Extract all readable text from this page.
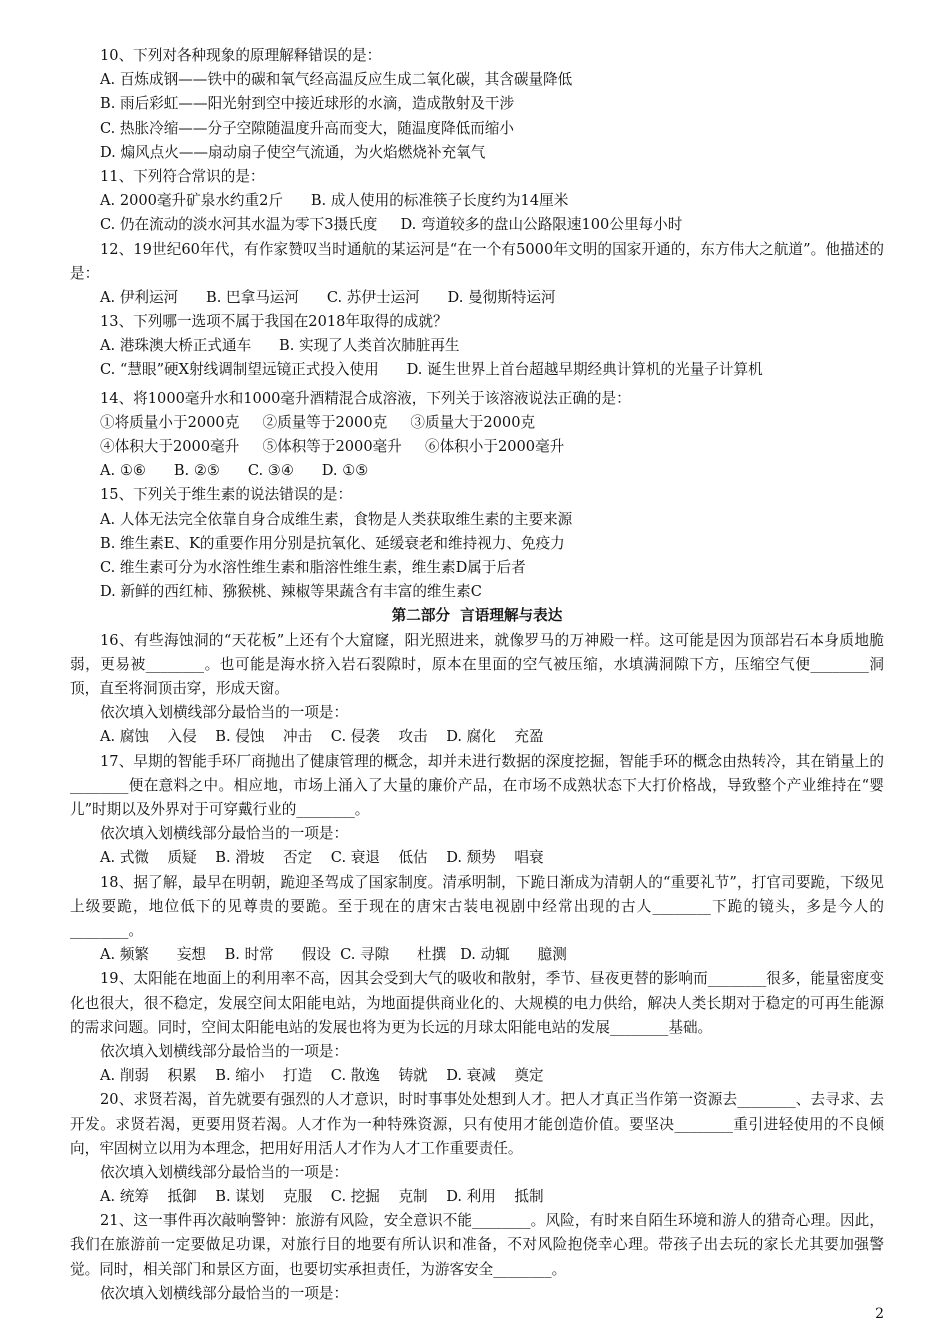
10、下列对各种现象的原理解释错误的是：
A. 百炼成钢——铁中的碳和氧气经高温反应生成二氧化碳，其含碳量降低
B. 雨后彩虹——阳光射到空中接近球形的水滴，造成散射及干涉
C. 热胀冷缩——分子空隙随温度升高而变大，随温度降低而缩小
D. 煽风点火——扇动扇子使空气流通，为火焰燃烧补充氧气
11、下列符合常识的是：
A. 2000毫升矿泉水约重2斤      B. 成人使用的标准筷子长度约为14厘米
C. 仍在流动的淡水河其水温为零下3摄氏度     D. 弯道较多的盘山公路限速100公里每小时
12、19世纪60年代，有作家赞叹当时通航的某运河是“在一个有5000年文明的国家开通的，东方伟大之航道”。他描述的是：
A. 伊利运河      B. 巴拿马运河      C. 苏伊士运河      D. 曼彻斯特运河
13、下列哪一选项不属于我国在2018年取得的成就？
A. 港珠澳大桥正式通车      B. 实现了人类首次肺脏再生
C. “慧眼”硬X射线调制望远镜正式投入使用      D. 诞生世界上首台超越早期经典计算机的光量子计算机
14、将1000毫升水和1000毫升酒精混合成溶液，下列关于该溶液说法正确的是：
①将质量小于2000克     ②质量等于2000克     ③质量大于2000克
④体积大于2000毫升     ⑤体积等于2000毫升     ⑥体积小于2000毫升
A. ①⑥      B. ②⑤      C. ③④      D. ①⑤
15、下列关于维生素的说法错误的是：
A. 人体无法完全依靠自身合成维生素，食物是人类获取维生素的主要来源
B. 维生素E、K的重要作用分别是抗氧化、延缓衰老和维持视力、免疫力
C. 维生素可分为水溶性维生素和脂溶性维生素，维生素D属于后者
D. 新鲜的西红柿、猕猴桃、辣椒等果蔬含有丰富的维生素C
第二部分  言语理解与表达
16、有些海蚀洞的“天花板”上还有个大窟窿，阳光照进来，就像罗马的万神殿一样。这可能是因为顶部岩石本身质地脆弱，更易被________。也可能是海水挤入岩石裂隙时，原本在里面的空气被压缩，水填满洞隙下方，压缩空气便________洞顶，直至将洞顶击穿，形成天窗。
依次填入划横线部分最恰当的一项是：
A. 腐蚀    入侵    B. 侵蚀    冲击    C. 侵袭    攻击    D. 腐化    充盈
17、早期的智能手环厂商抛出了健康管理的概念，却并未进行数据的深度挖掘，智能手环的概念由热转冷，其在销量上的________便在意料之中。相应地，市场上涌入了大量的廉价产品，在市场不成熟状态下大打价格战，导致整个产业维持在“婴儿”时期以及外界对于可穿戴行业的________。
依次填入划横线部分最恰当的一项是：
A. 式微    质疑    B. 滑坡    否定    C. 衰退    低估    D. 颓势    唱衰
18、据了解，最早在明朝，跪迎圣驾成了国家制度。清承明制，下跪日渐成为清朝人的“重要礼节”，打官司要跪，下级见上级要跪，地位低下的见尊贵的要跪。至于现在的唐宋古装电视剧中经常出现的古人________下跪的镜头，多是今人的________。
A. 频繁      妄想    B. 时常      假设  C. 寻隙      杜撰   D. 动辄      臆测
19、太阳能在地面上的利用率不高，因其会受到大气的吸收和散射，季节、昼夜更替的影响而________很多，能量密度变化也很大，很不稳定，发展空间太阳能电站，为地面提供商业化的、大规模的电力供给，解决人类长期对于稳定的可再生能源的需求问题。同时，空间太阳能电站的发展也将为更为长远的月球太阳能电站的发展________基础。
依次填入划横线部分最恰当的一项是：
A. 削弱    积累    B. 缩小    打造    C. 散逸    铸就    D. 衰减    奠定
20、求贤若渴，首先就要有强烈的人才意识，时时事事处处想到人才。把人才真正当作第一资源去________、去寻求、去开发。求贤若渴，更要用贤若渴。人才作为一种特殊资源，只有使用才能创造价值。要坚决________重引进轻使用的不良倾向，牢固树立以用为本理念，把用好用活人才作为人才工作重要责任。
依次填入划横线部分最恰当的一项是：
A. 统筹    抵御    B. 谋划    克服    C. 挖掘    克制    D. 利用    抵制
21、这一事件再次敲响警钟：旅游有风险，安全意识不能________。风险，有时来自陌生环境和游人的猎奇心理。因此，我们在旅游前一定要做足功课，对旅行目的地要有所认识和准备，不对风险抱侥幸心理。带孩子出去玩的家长尤其要加强警觉。同时，相关部门和景区方面，也要切实承担责任，为游客安全________。
依次填入划横线部分最恰当的一项是：
2
